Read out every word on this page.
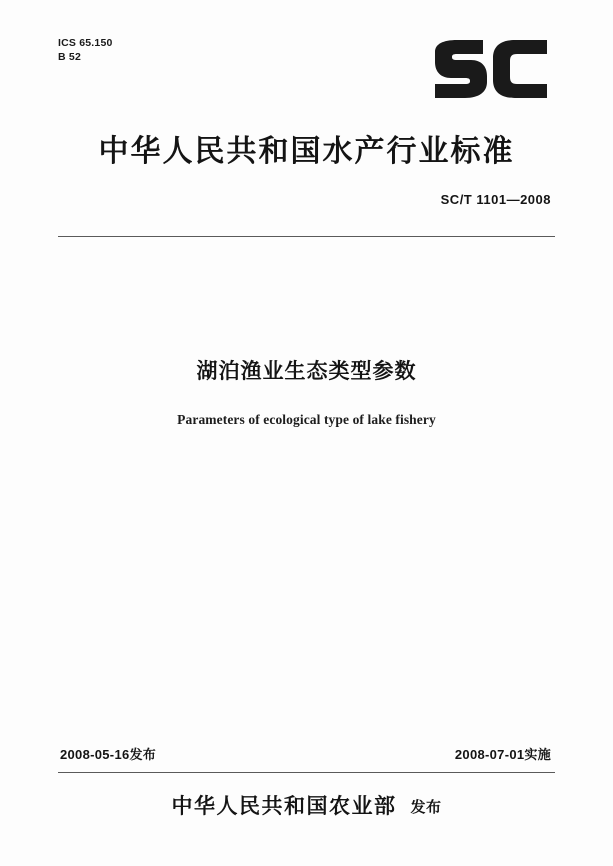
ICS 65.150
B 52
中华人民共和国水产行业标准
SC/T 1101—2008
湖泊渔业生态类型参数
Parameters of ecological type of lake fishery
2008-05-16发布	2008-07-01实施
中华人民共和国农业部 发布
